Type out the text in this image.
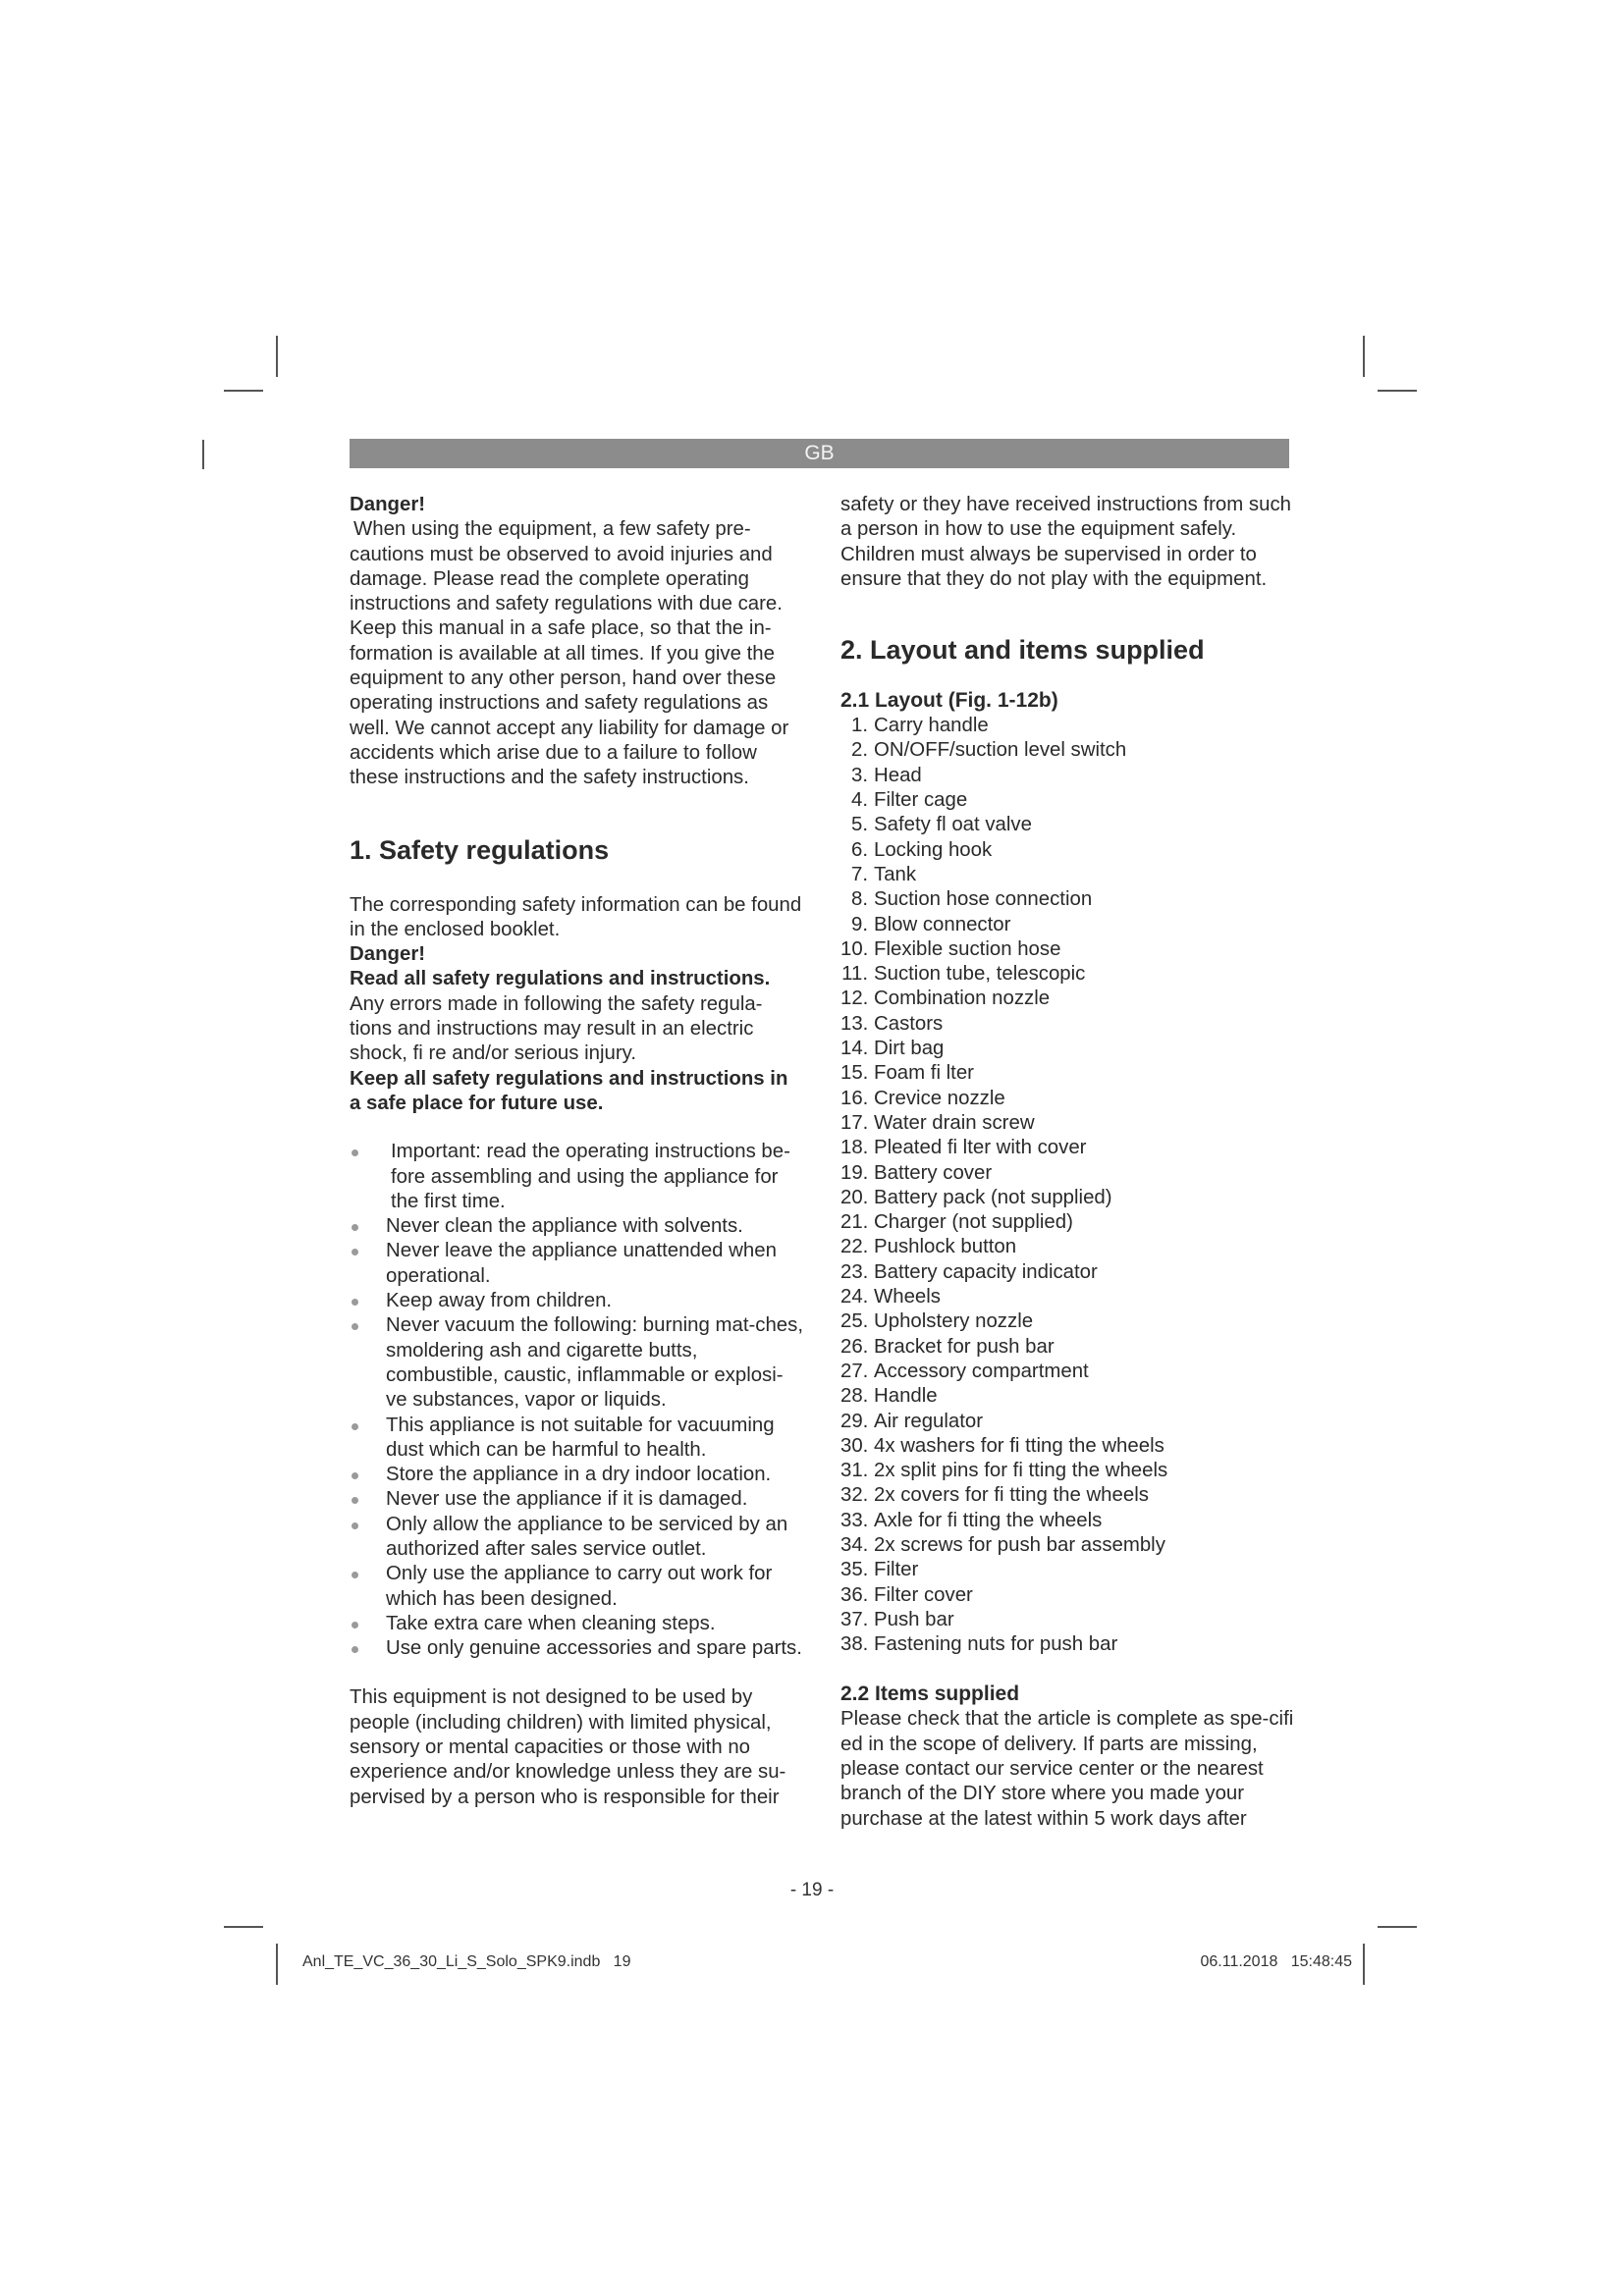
GB

Danger!

When using the equipment, a few safety pre-cautions must be observed to avoid injuries and damage. Please read the complete operating instructions and safety regulations with due care. Keep this manual in a safe place, so that the in-formation is available at all times. If you give the equipment to any other person, hand over these operating instructions and safety regulations as well. We cannot accept any liability for damage or accidents which arise due to a failure to follow these instructions and the safety instructions.

1. Safety regulations

The corresponding safety information can be found in the enclosed booklet.

Danger!

Read all safety regulations and instructions.

Any errors made in following the safety regula-tions and instructions may result in an electric shock, fi re and/or serious injury.

Keep all safety regulations and instructions in a safe place for future use.

Important: read the operating instructions be-fore assembling and using the appliance for the first time.
Never clean the appliance with solvents.
Never leave the appliance unattended when operational.
Keep away from children.
Never vacuum the following: burning mat-ches, smoldering ash and cigarette butts, combustible, caustic, inflammable or explosi-ve substances, vapor or liquids.
This appliance is not suitable for vacuuming dust which can be harmful to health.
Store the appliance in a dry indoor location.
Never use the appliance if it is damaged.
Only allow the appliance to be serviced by an authorized after sales service outlet.
Only use the appliance to carry out work for which has been designed.
Take extra care when cleaning steps.
Use only genuine accessories and spare parts.

This equipment is not designed to be used by people (including children) with limited physical, sensory or mental capacities or those with no experience and/or knowledge unless they are su-pervised by a person who is responsible for their

safety or they have received instructions from such a person in how to use the equipment safely. Children must always be supervised in order to ensure that they do not play with the equipment.

2. Layout and items supplied
2.1 Layout (Fig. 1-12b)
1. Carry handle
2. ON/OFF/suction level switch
3. Head
4. Filter cage
5. Safety fl oat valve
6. Locking hook
7. Tank
8. Suction hose connection
9. Blow connector
10. Flexible suction hose
11. Suction tube, telescopic
12. Combination nozzle
13. Castors
14. Dirt bag
15. Foam fi lter
16. Crevice nozzle
17. Water drain screw
18. Pleated fi lter with cover
19. Battery cover
20. Battery pack (not supplied)
21. Charger (not supplied)
22. Pushlock button
23. Battery capacity indicator
24. Wheels
25. Upholstery nozzle
26. Bracket for push bar
27. Accessory compartment
28. Handle
29. Air regulator
30. 4x washers for fi tting the wheels
31. 2x split pins for fi tting the wheels
32. 2x covers for fi tting the wheels
33. Axle for fi tting the wheels
34. 2x screws for push bar assembly
35. Filter
36. Filter cover
37. Push bar
38. Fastening nuts for push bar
2.2 Items supplied

Please check that the article is complete as spe-cifi ed in the scope of delivery. If parts are missing, please contact our service center or the nearest branch of the DIY store where you made your purchase at the latest within 5 work days after

- 19 -
Anl_TE_VC_36_30_Li_S_Solo_SPK9.indb   19	06.11.2018   15:48:45
